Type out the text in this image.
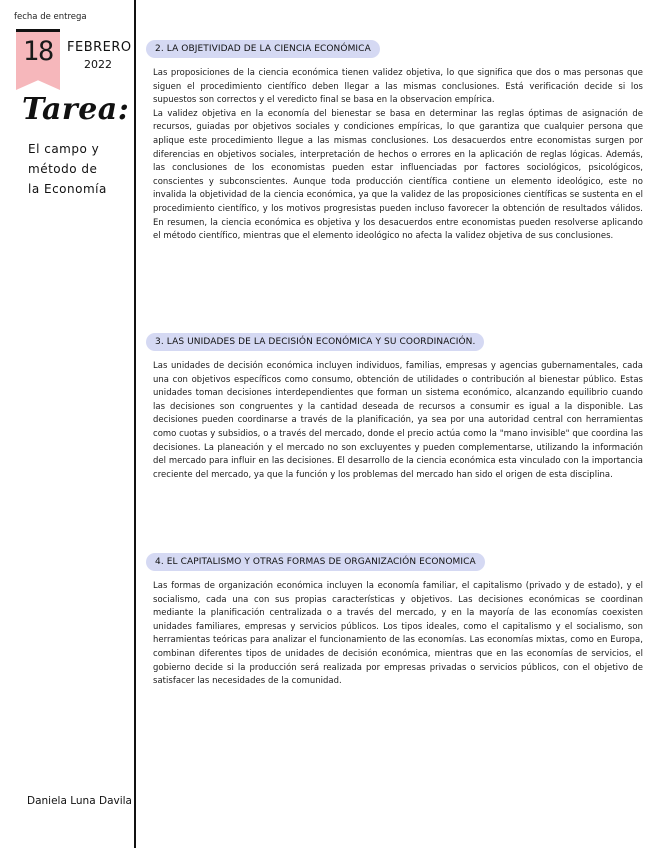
fecha de entrega
18	FEBRERO
2022
Tarea:
El campo y
método de
la Economía
Daniela Luna Davila
2. LA OBJETIVIDAD DE LA CIENCIA ECONÓMICA

Las proposiciones de la ciencia económica tienen validez objetiva, lo que significa que dos o mas personas que siguen el procedimiento científico deben llegar a las mismas conclusiones. Está verificación decide si los supuestos son correctos y el veredicto final se basa en la observacion empírica.

La validez objetiva en la economía del bienestar se basa en determinar las reglas óptimas de asignación de recursos, guiadas por objetivos sociales y condiciones empíricas, lo que garantiza que cualquier persona que aplique este procedimiento llegue a las mismas conclusiones. Los desacuerdos entre economistas surgen por diferencias en objetivos sociales, interpretación de hechos o errores en la aplicación de reglas lógicas. Además, las conclusiones de los economistas pueden estar influenciadas por factores sociológicos, psicológicos, conscientes y subconscientes. Aunque toda producción científica contiene un elemento ideológico, este no invalida la objetividad de la ciencia económica, ya que la validez de las proposiciones científicas se sustenta en el procedimiento científico, y los motivos progresistas pueden incluso favorecer la obtención de resultados válidos. En resumen, la ciencia económica es objetiva y los desacuerdos entre economistas pueden resolverse aplicando el método científico, mientras que el elemento ideológico no afecta la validez objetiva de sus conclusiones.

3. LAS UNIDADES DE LA DECISIÓN ECONÓMICA Y SU COORDINACIÓN.

Las unidades de decisión económica incluyen individuos, familias, empresas y agencias gubernamentales, cada una con objetivos específicos como consumo, obtención de utilidades o contribución al bienestar público. Estas unidades toman decisiones interdependientes que forman un sistema económico, alcanzando equilibrio cuando las decisiones son congruentes y la cantidad deseada de recursos a consumir es igual a la disponible. Las decisiones pueden coordinarse a través de la planificación, ya sea por una autoridad central con herramientas como cuotas y subsidios, o a través del mercado, donde el precio actúa como la "mano invisible" que coordina las decisiones. La planeación y el mercado no son excluyentes y pueden complementarse, utilizando la información del mercado para influir en las decisiones. El desarrollo de la ciencia económica esta vinculado con la importancia creciente del mercado, ya que la función y los problemas del mercado han sido el origen de esta disciplina.

4. EL CAPITALISMO Y OTRAS FORMAS DE ORGANIZACIÓN ECONOMICA

Las formas de organización económica incluyen la economía familiar, el capitalismo (privado y de estado), y el socialismo, cada una con sus propias características y objetivos. Las decisiones económicas se coordinan mediante la planificación centralizada o a través del mercado, y en la mayoría de las economías coexisten unidades familiares, empresas y servicios públicos. Los tipos ideales, como el capitalismo y el socialismo, son herramientas teóricas para analizar el funcionamiento de las economías. Las economías mixtas, como en Europa, combinan diferentes tipos de unidades de decisión económica, mientras que en las economías de servicios, el gobierno decide si la producción será realizada por empresas privadas o servicios públicos, con el objetivo de satisfacer las necesidades de la comunidad.
